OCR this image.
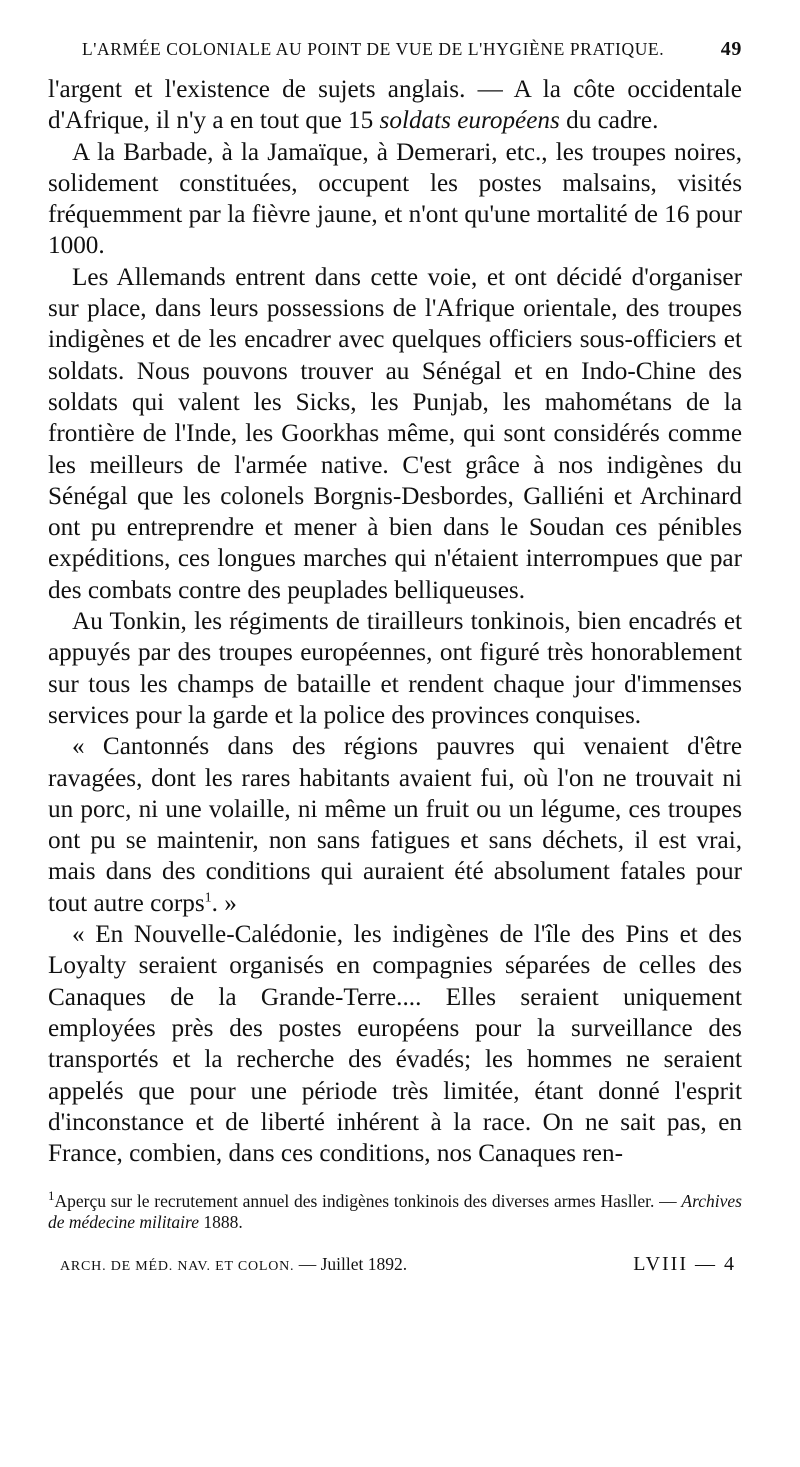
L'ARMÉE COLONIALE AU POINT DE VUE DE L'HYGIÈNE PRATIQUE.	49

l'argent et l'existence de sujets anglais. — A la côte occidentale d'Afrique, il n'y a en tout que 15 soldats européens du cadre.

A la Barbade, à la Jamaïque, à Demerari, etc., les troupes noires, solidement constituées, occupent les postes malsains, visités fréquemment par la fièvre jaune, et n'ont qu'une mortalité de 16 pour 1000.

Les Allemands entrent dans cette voie, et ont décidé d'organiser sur place, dans leurs possessions de l'Afrique orientale, des troupes indigènes et de les encadrer avec quelques officiers sous-officiers et soldats. Nous pouvons trouver au Sénégal et en Indo-Chine des soldats qui valent les Sicks, les Punjab, les mahométans de la frontière de l'Inde, les Goorkhas même, qui sont considérés comme les meilleurs de l'armée native. C'est grâce à nos indigènes du Sénégal que les colonels Borgnis-Desbordes, Galliéni et Archinard ont pu entreprendre et mener à bien dans le Soudan ces pénibles expéditions, ces longues marches qui n'étaient interrompues que par des combats contre des peuplades belliqueuses.

Au Tonkin, les régiments de tirailleurs tonkinois, bien encadrés et appuyés par des troupes européennes, ont figuré très honorablement sur tous les champs de bataille et rendent chaque jour d'immenses services pour la garde et la police des provinces conquises.

« Cantonnés dans des régions pauvres qui venaient d'être ravagées, dont les rares habitants avaient fui, où l'on ne trouvait ni un porc, ni une volaille, ni même un fruit ou un légume, ces troupes ont pu se maintenir, non sans fatigues et sans déchets, il est vrai, mais dans des conditions qui auraient été absolument fatales pour tout autre corps$^1$. »

« En Nouvelle-Calédonie, les indigènes de l'île des Pins et des Loyalty seraient organisés en compagnies séparées de celles des Canaques de la Grande-Terre.... Elles seraient uniquement employées près des postes européens pour la surveillance des transportés et la recherche des évadés; les hommes ne seraient appelés que pour une période très limitée, étant donné l'esprit d'inconstance et de liberté inhérent à la race. On ne sait pas, en France, combien, dans ces conditions, nos Canaques ren-

$^1$Aperçu sur le recrutement annuel des indigènes tonkinois des diverses armes Hasller. — Archives de médecine militaire 1888.
ARCH. DE MÉD. NAV. ET COLON. — Juillet 1892.	LVIII — 4
